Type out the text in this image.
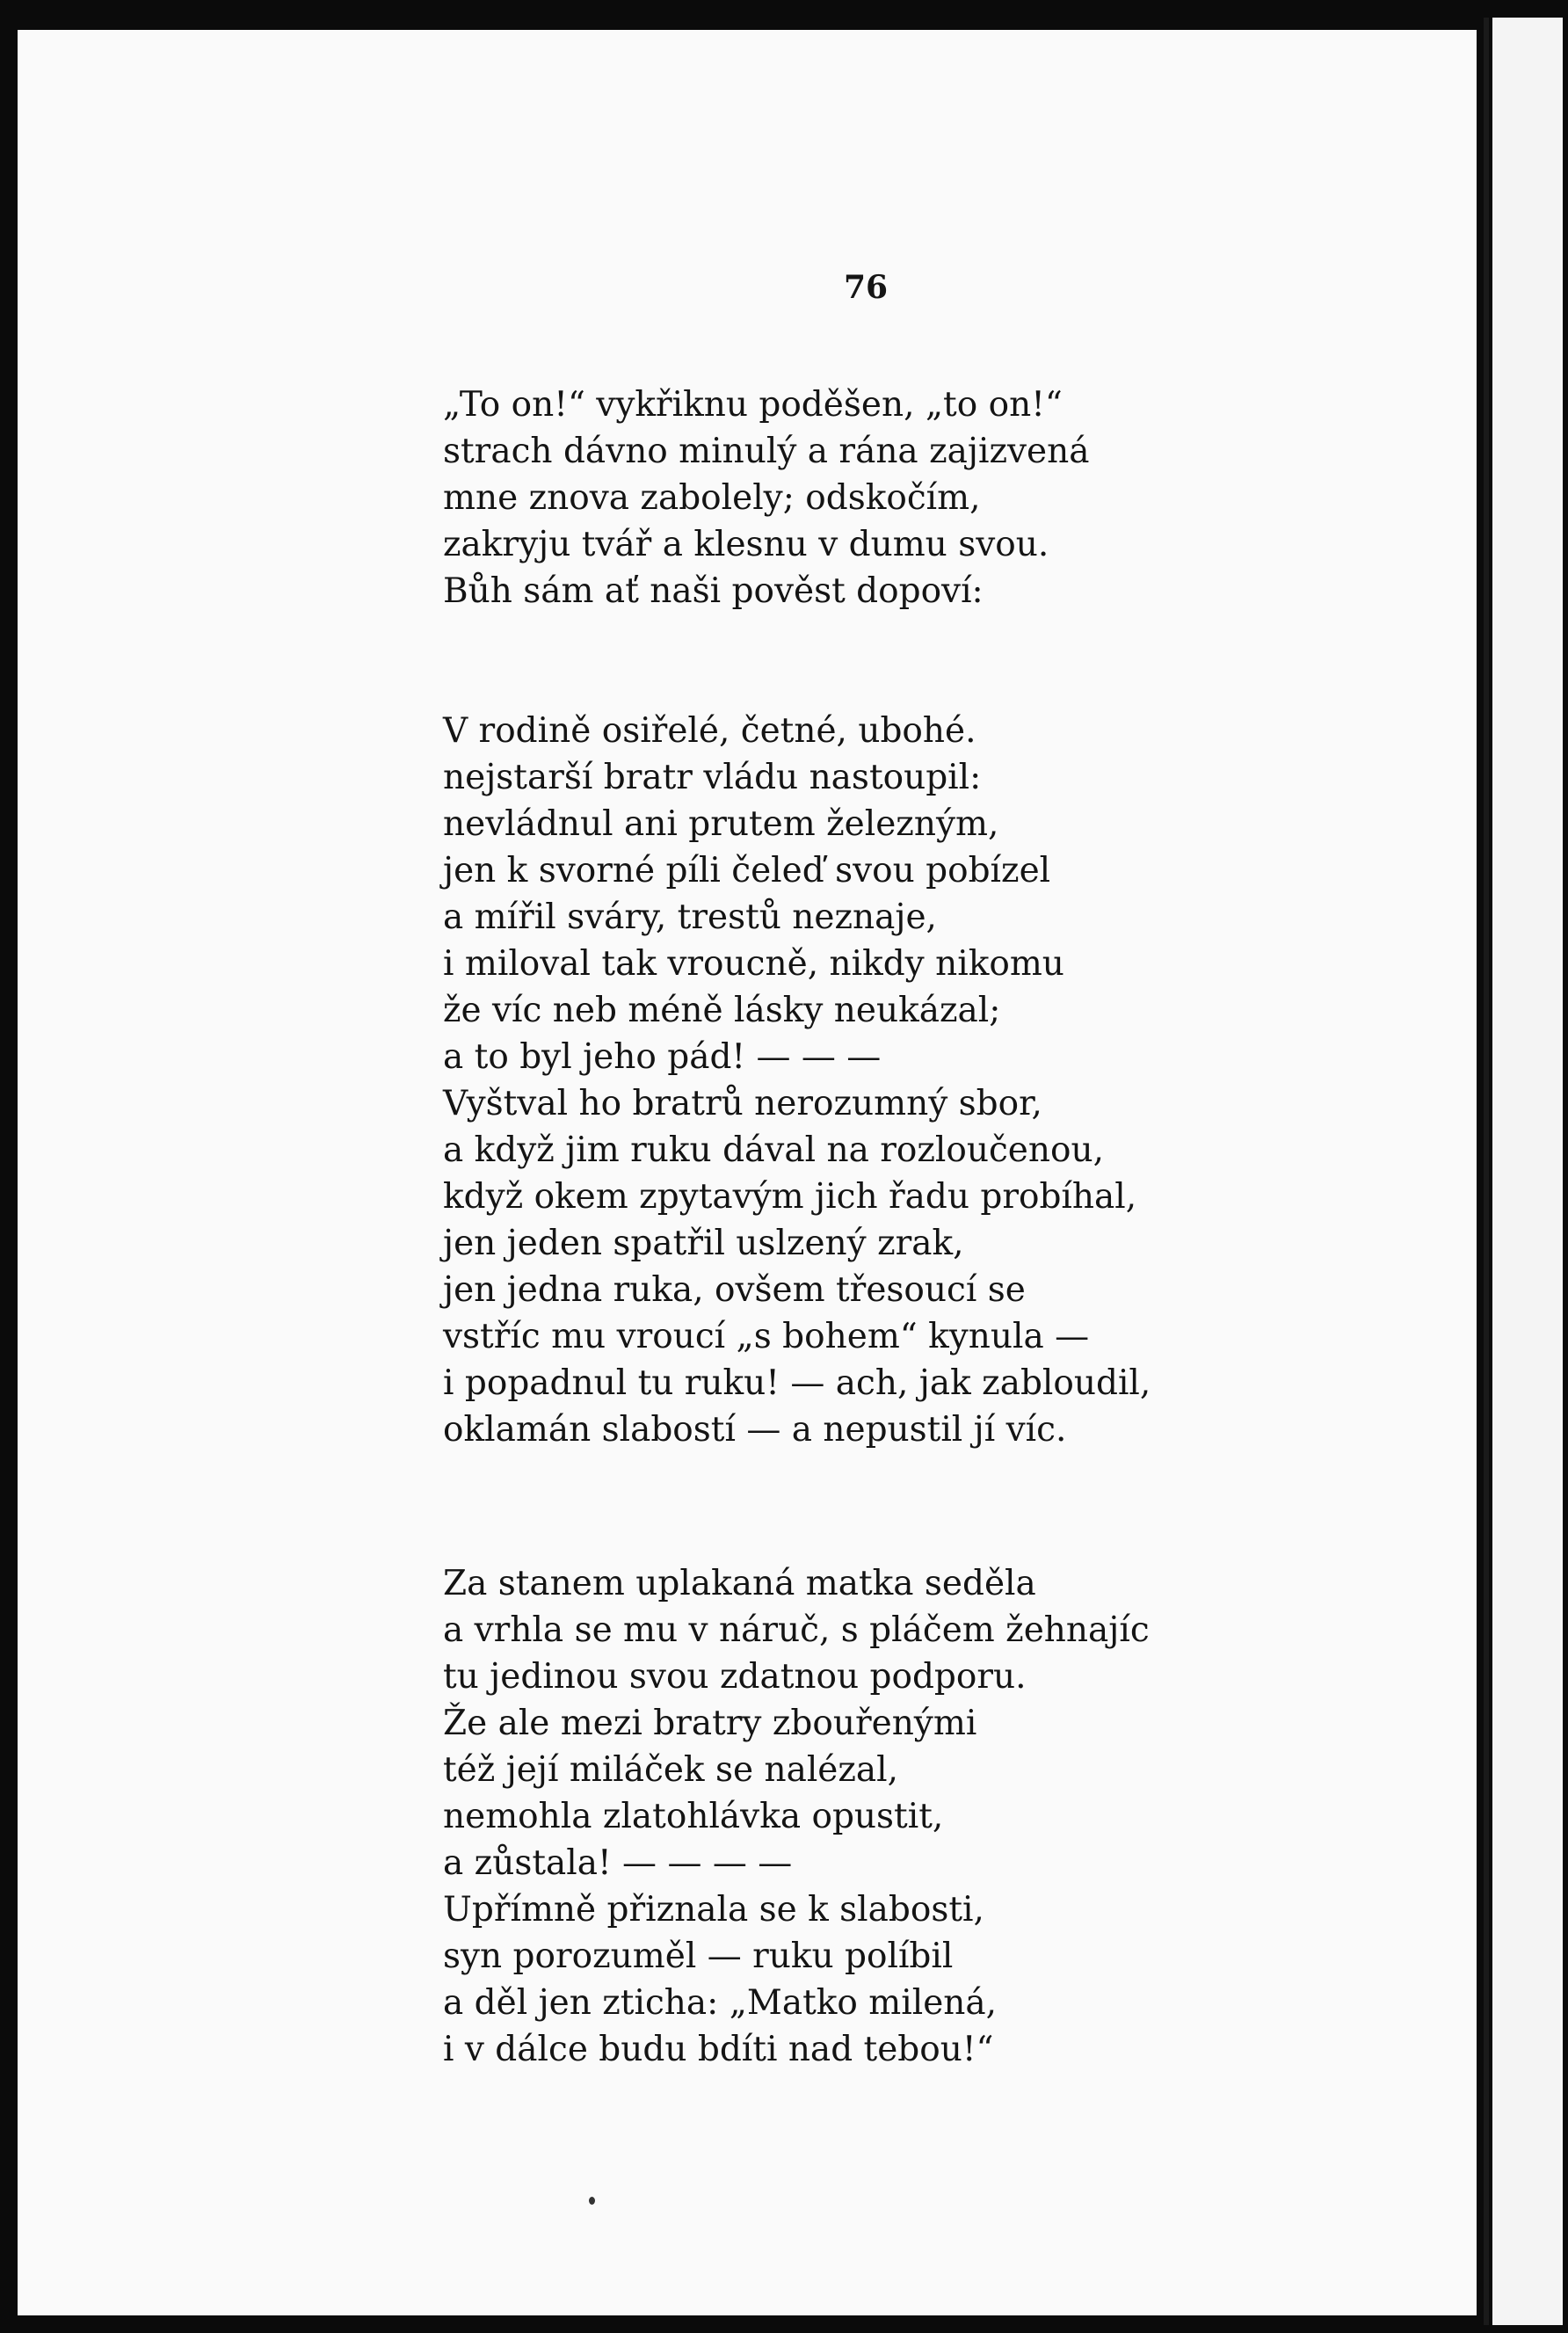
76
„To on!“ vykřiknu poděšen, „to on!“
strach dávno minulý a rána zajizvená
mne znova zabolely; odskočím,
zakryju tvář a klesnu v dumu svou.
Bůh sám ať naši pověst dopoví:
V rodině osiřelé, četné, ubohé.
nejstarší bratr vládu nastoupil:
nevládnul ani prutem železným,
jen k svorné píli čeleď svou pobízel
a mířil sváry, trestů neznaje,
i miloval tak vroucně, nikdy nikomu
že víc neb méně lásky neukázal;
a to byl jeho pád! — — —
Vyštval ho bratrů nerozumný sbor,
a když jim ruku dával na rozloučenou,
když okem zpytavým jich řadu probíhal,
jen jeden spatřil uslzený zrak,
jen jedna ruka, ovšem třesoucí se
vstříc mu vroucí „s bohem“ kynula —
i popadnul tu ruku! — ach, jak zabloudil,
oklamán slabostí — a nepustil jí víc.
Za stanem uplakaná matka seděla
a vrhla se mu v náruč, s pláčem žehnajíc
tu jedinou svou zdatnou podporu.
Že ale mezi bratry zbouřenými
též její miláček se nalézal,
nemohla zlatohlávka opustit,
a zůstala! — — — —
Upřímně přiznala se k slabosti,
syn porozuměl — ruku políbil
a děl jen zticha: „Matko milená,
i v dálce budu bdíti nad tebou!“
